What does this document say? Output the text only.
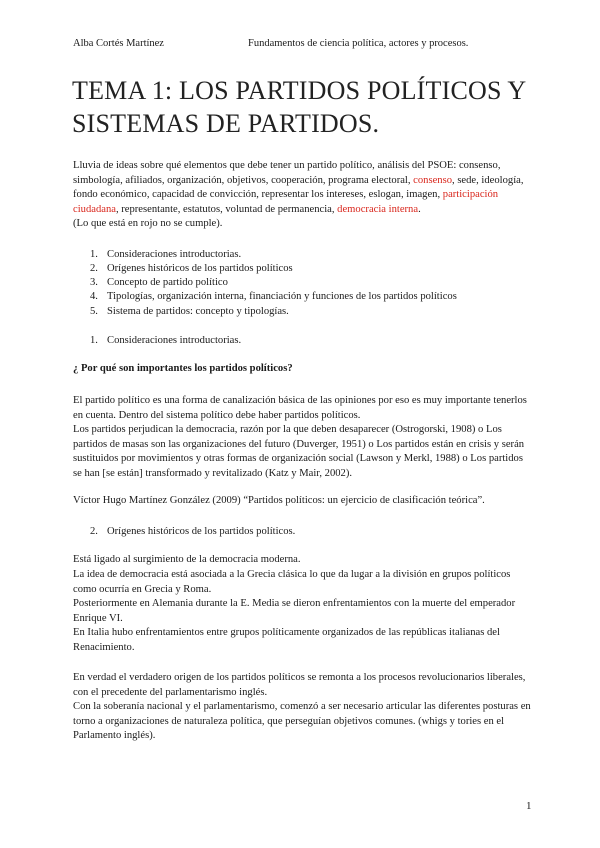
Alba Cortés Martínez	Fundamentos de ciencia política, actores y procesos.
TEMA 1: LOS PARTIDOS POLÍTICOS Y SISTEMAS DE PARTIDOS.
Lluvia de ideas sobre qué elementos que debe tener un partido político, análisis del PSOE: consenso, simbología, afiliados, organización, objetivos, cooperación, programa electoral, consenso, sede, ideología, fondo económico, capacidad de convicción, representar los intereses, eslogan, imagen, participación ciudadana, representante, estatutos, voluntad de permanencia, democracia interna.
(Lo que está en rojo no se cumple).
1. Consideraciones introductorias.
2. Orígenes históricos de los partidos políticos
3. Concepto de partido político
4. Tipologías, organización interna, financiación y funciones de los partidos políticos
5. Sistema de partidos: concepto y tipologías.
1. Consideraciones introductorias.
¿ Por qué son importantes los partidos políticos?
El partido político es una forma de canalización básica de las opiniones por eso es muy importante tenerlos en cuenta. Dentro del sistema político debe haber partidos políticos.
Los partidos perjudican la democracia, razón por la que deben desaparecer (Ostrogorski, 1908) o Los partidos de masas son las organizaciones del futuro (Duverger, 1951) o Los partidos están en crisis y serán sustituidos por movimientos y otras formas de organización social (Lawson y Merkl, 1988) o Los partidos se han [se están] transformado y revitalizado (Katz y Mair, 2002).
Víctor Hugo Martínez González (2009) “Partidos políticos: un ejercicio de clasificación teórica”.
2. Orígenes históricos de los partidos políticos.
Está ligado al surgimiento de la democracia moderna.
La idea de democracia está asociada a la Grecia clásica lo que da lugar a la división en grupos políticos como ocurría en Grecia y Roma.
Posteriormente en Alemania durante la E. Media se dieron enfrentamientos con la muerte del emperador Enrique VI.
En Italia hubo enfrentamientos entre grupos políticamente organizados de las repúblicas italianas del Renacimiento.
En verdad el verdadero origen de los partidos políticos se remonta a los procesos revolucionarios liberales, con el precedente del parlamentarismo inglés.
Con la soberanía nacional y el parlamentarismo, comenzó a ser necesario articular las diferentes posturas en torno a organizaciones de naturaleza política, que perseguían objetivos comunes. (whigs y tories en el Parlamento inglés).
1
